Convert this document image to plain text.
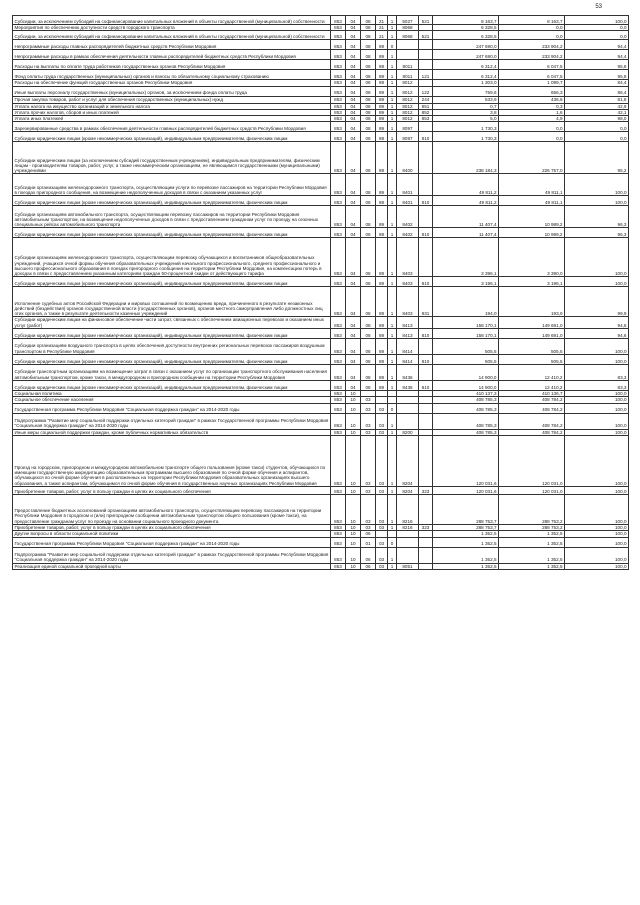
53
Субсидии, за исключением субсидий на софинансирование капитальных вложений в объекты государственной (муниципальной) собственности	853	04	08	21	1	5027	521	8 163,7	8 163,7	100,0
Мероприятия по обеспечению доступности средств городского транспорта	853	04	08	21	1	8068		6 328,5	0,0	0,0
Субсидии, за исключением субсидий на софинансирование капитальных вложений в объекты государственной (муниципальной) собственности	853	04	08	21	1	8068	521	6 328,5	0,0	0,0
Непрограммные расходы главных распорядителей бюджетных средств Республики Мордовия	853	04	08	89	0			247 690,0	233 904,2	94,4
Непрограммные расходы в рамках обеспечения деятельности главных распорядителей бюджетных средств Республики Мордовия	853	04	08	89	1			247 690,0	233 904,2	94,4
Расходы на выплаты по оплате труда работников государственных органов Республики Мордовия	853	04	08	89	1	8011		6 312,4	6 047,5	95,8
Фонд оплаты труда государственных (муниципальных) органов и взносы по обязательному социальному страхованию	853	04	08	89	1	8011	121	6 312,4	6 047,5	95,8
Расходы на обеспечение функций государственных органов Республики Мордовия	853	04	08	89	1	8012		1 303,0	1 099,7	84,4
Иные выплаты персоналу государственных (муниципальных) органов, за исключением фонда оплаты труда	853	04	08	89	1	8012	122	759,6	656,3	86,4
Прочая закупка товаров, работ и услуг для обеспечения государственных (муниципальных) нужд	853	04	08	89	1	8012	244	533,9	436,6	81,8
Уплата налога на имущество организаций и земельного налога	853	04	08	89	1	8012	851	0,7	0,3	42,9
Уплата прочих налогов, сборов и иных платежей	853	04	08	89	1	8012	852	3,8	1,6	42,1
Уплата иных платежей	853	04	08	89	1	8012	853	5,0	4,9	98,0
Зарезервированные средства в рамках обеспечения деятельности главных распорядителей бюджетных средств Республики Мордовия	853	04	08	89	1	8097		1 730,3	0,0	0,0
Субсидии юридическим лицам (кроме некоммерческих организаций), индивидуальным предпринимателям, физическим лицам	853	04	08	89	1	8097	810	1 730,3	0,0	0,0
Субсидии юридическим лицам (за исключением субсидий государственным учреждениям), индивидуальным предпринимателям, физическим лицам - производителям товаров, работ, услуг, а также некоммерческим организациям, не являющимся государственными (муниципальными) учреждениями	853	04	08	89	1	8400		238 184,3	226 757,0	95,2
Субсидии организациям железнодорожного транспорта, осуществляющим услуги по перевозке пассажиров на территории Республики Мордовия в поездах пригородного сообщения, на возмещение недополученных доходов в связи с оказанием указанных услуг	853	04	08	89	1	8401		49 811,2	49 811,1	100,0
Субсидии юридическим лицам (кроме некоммерческих организаций), индивидуальным предпринимателям, физическим лицам	853	04	08	89	1	8401	810	49 811,2	49 811,1	100,0
Субсидии организациям автомобильного транспорта, осуществляющим перевозку пассажиров на территории Республики Мордовия автомобильным транспортом, на возмещение недополученных доходов в связи с предоставлением гражданам услуг по проезду на сезонных специальных рейсах автомобильного транспорта	853	04	08	89	1	8402		11 407,4	10 989,2	96,3
Субсидии юридическим лицам (кроме некоммерческих организаций), индивидуальным предпринимателям, физическим лицам	853	04	08	89	1	8402	810	11 407,4	10 989,2	96,3
Субсидии организациям железнодорожного транспорта, осуществляющим перевозку обучающихся и воспитанников общеобразовательных учреждений, учащихся очной формы обучения образовательных учреждений начального профессионального, среднего профессионального и высшего профессионального образования в поездах пригородного сообщения на территории Республики Мордовия, на компенсацию потерь в доходах в связи с предоставлением указанным категориям граждан 50-процентной скидки от действующего тарифа	853	04	08	89	1	8403		3 396,1	3 390,0	100,0
Субсидии юридическим лицам (кроме некоммерческих организаций), индивидуальным предпринимателям, физическим лицам	853	04	08	89	1	8403	810	3 196,1	3 196,1	100,0
Исполнение судебных актов Российской Федерации и мировых соглашений по возмещению вреда, причиненного в результате незаконных действий (бездействия) органов государственной власти (государственных органов), органов местного самоуправления либо должностных лиц этих органов, а также в результате деятельности казенных учреждений	853	04	08	89	1	8403	831	194,0	193,9	99,9
Субсидии юридическим лицам на финансовое обеспечение части затрат, связанных с обеспечением авиационных перевозок и оказанием иных услуг (работ)	853	04	08	89	1	8413		158 170,1	149 691,0	94,6
Субсидии юридическим лицам (кроме некоммерческих организаций), индивидуальным предпринимателям, физическим лицам	853	04	08	89	1	8413	810	158 170,1	149 691,0	94,6
Субсидии организациям воздушного транспорта в целях обеспечения доступности внутренних региональных перевозок пассажиров воздушным транспортом в Республике Мордовия	853	04	08	89	1	8414		505,5	505,5	100,0
Субсидии юридическим лицам (кроме некоммерческих организаций), индивидуальным предпринимателям, физическим лицам	853	04	08	89	1	8414	810	505,5	505,5	100,0
Субсидии транспортным организациям на возмещение затрат в связи с оказанием услуг по организации транспортного обслуживания населения автомобильным транспортом, кроме такси, в междугородном и пригородном сообщении на территории Республики Мордовия	853	04	08	89	1	8436		14 900,0	12 410,2	83,3
Субсидии юридическим лицам (кроме некоммерческих организаций), индивидуальным предпринимателям, физическим лицам	853	04	08	89	1	8436	810	14 900,0	12 410,2	83,3
Социальная политика	853	10						410 137,3	410 136,7	100,0
Социальное обеспечение населения	853	10	03					408 785,3	408 784,2	100,0
Государственная программа Республики Мордовия "Социальная поддержка граждан" на 2014-2020 годы	853	10	03	03	0			408 785,3	408 784,2	100,0
Подпрограмма "Развитие мер социальной поддержки отдельных категорий граждан" в рамках Государственной программы Республики Мордовия "Социальная поддержка граждан" на 2014-2020 годы	853	10	03	03	1			408 785,3	408 784,2	100,0
Иные меры социальной поддержки граждан, кроме публичных нормативных обязательств	853	10	03	03	1	8200		408 785,3	408 784,2	100,0
Проезд на городском, пригородном и междугородном автомобильном транспорте общего пользования (кроме такси) студентов, обучающихся по имеющим государственную аккредитацию образовательным программам высшего образования по очной форме обучения и аспирантов, обучающихся по очной форме обучения в расположенных на территории Республики Мордовия образовательных организациях высшего образования, а также аспирантам, обучающимся по очной форме обучения в государственных научных организациях Республики Мордовия	853	10	03	03	1	8204		120 031,6	120 031,0	100,0
Приобретение товаров, работ, услуг в пользу граждан в целях их социального обеспечения	853	10	03	03	1	8204	323	120 031,6	120 031,0	100,0
Предоставление бюджетных ассигнований организациям автомобильного транспорта, осуществляющим перевозку пассажиров на территории Республики Мордовия в городском и (или) пригородном сообщении автомобильным транспортом общего пользования (кроме такси), на предоставление гражданам услуг по проезду на основании социального проездного документа	853	10	03	03	1	8216		288 753,7	288 753,2	100,0
Приобретение товаров, работ, услуг в пользу граждан в целях их социального обеспечения	853	10	03	03	1	8216	323	288 753,7	288 753,2	100,0
Другие вопросы в области социальной политики	853	10	06					1 352,5	1 352,5	100,0
Государственная программа Республики Мордовия "Социальная поддержка граждан" на 2014-2020 годы	853	10	01	03	0			1 352,5	1 352,5	100,0
Подпрограмма "Развитие мер социальной поддержки отдельных категорий граждан" в рамках Государственной программы Республики Мордовия "Социальная поддержка граждан" на 2014-2020 годы	853	10	06	03	1			1 352,5	1 352,5	100,0
Реализация единой социальной проездной карты	853	10	06	03	1	8051		1 352,5	1 352,5	100,0
